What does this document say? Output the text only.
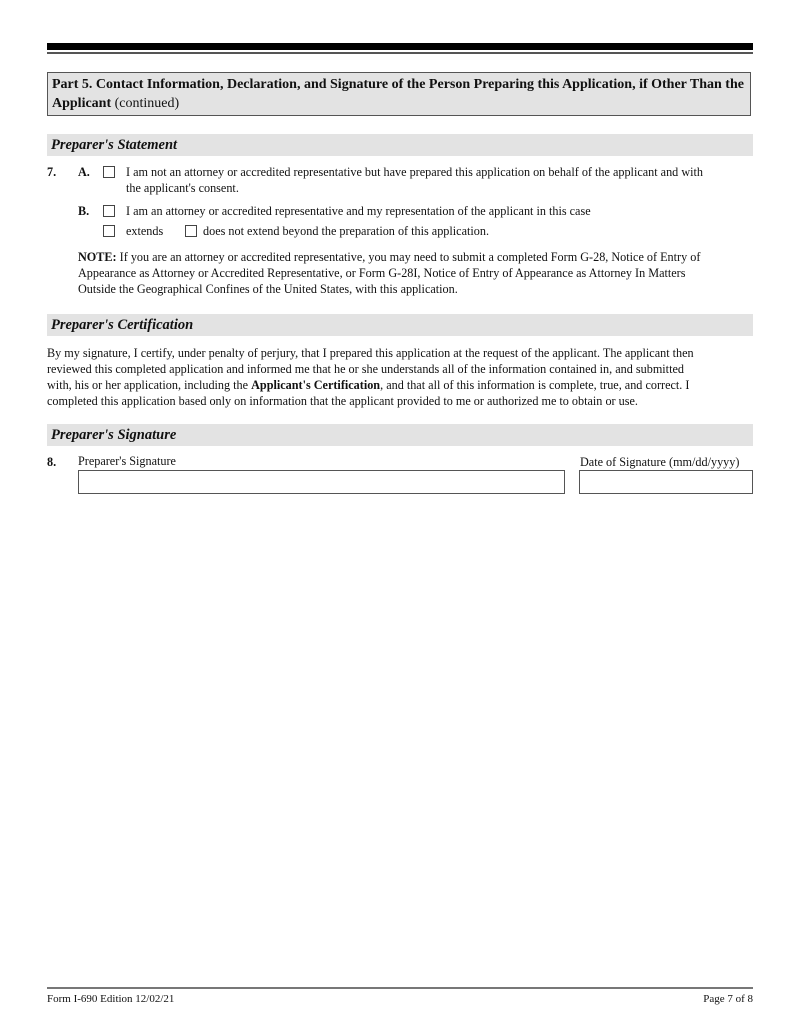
Part 5. Contact Information, Declaration, and Signature of the Person Preparing this Application, if Other Than the Applicant (continued)
Preparer's Statement
7. A.	I am not an attorney or accredited representative but have prepared this application on behalf of the applicant and with
the applicant's consent.
B.	I am an attorney or accredited representative and my representation of the applicant in this case
extends	does not extend beyond the preparation of this application.
NOTE: If you are an attorney or accredited representative, you may need to submit a completed Form G-28, Notice of Entry of
Appearance as Attorney or Accredited Representative, or Form G-28I, Notice of Entry of Appearance as Attorney In Matters
Outside the Geographical Confines of the United States, with this application.
Preparer's Certification
By my signature, I certify, under penalty of perjury, that I prepared this application at the request of the applicant. The applicant then
reviewed this completed application and informed me that he or she understands all of the information contained in, and submitted
with, his or her application, including the Applicant's Certification, and that all of this information is complete, true, and correct. I
completed this application based only on information that the applicant provided to me or authorized me to obtain or use.
Preparer's Signature
8. Preparer's Signature	Date of Signature (mm/dd/yyyy)
Form I-690 Edition 12/02/21	Page 7 of 8
